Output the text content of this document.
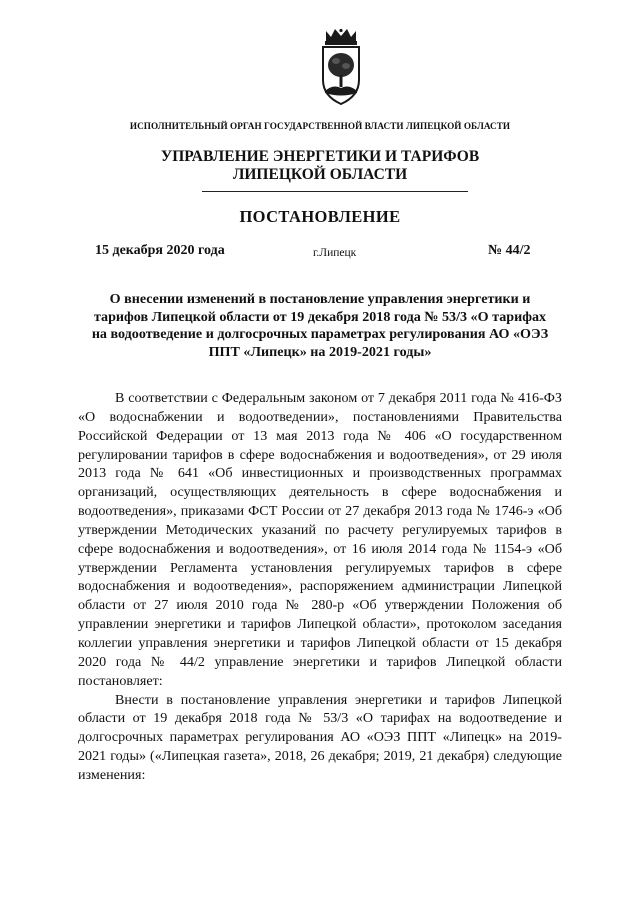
ИСПОЛНИТЕЛЬНЫЙ ОРГАН ГОСУДАРСТВЕННОЙ ВЛАСТИ ЛИПЕЦКОЙ ОБЛАСТИ
УПРАВЛЕНИЕ ЭНЕРГЕТИКИ И ТАРИФОВ
ЛИПЕЦКОЙ ОБЛАСТИ
ПОСТАНОВЛЕНИЕ
15 декабря 2020 года	г.Липецк	№ 44/2
О внесении изменений в постановление управления энергетики и тарифов Липецкой области от 19 декабря 2018 года № 53/3 «О тарифах на водоотведение и долгосрочных параметрах регулирования АО «ОЭЗ ППТ «Липецк» на 2019-2021 годы»

В соответствии с Федеральным законом от 7 декабря 2011 года № 416-ФЗ «О водоснабжении и водоотведении», постановлениями Правительства Российской Федерации от 13 мая 2013 года № 406 «О государственном регулировании тарифов в сфере водоснабжения и водоотведения», от 29 июля 2013 года № 641 «Об инвестиционных и производственных программах организаций, осуществляющих деятельность в сфере водоснабжения и водоотведения», приказами ФСТ России от 27 декабря 2013 года № 1746-э «Об утверждении Методических указаний по расчету регулируемых тарифов в сфере водоснабжения и водоотведения», от 16 июля 2014 года № 1154-э «Об утверждении Регламента установления регулируемых тарифов в сфере водоснабжения и водоотведения», распоряжением администрации Липецкой области от 27 июля 2010 года № 280-р «Об утверждении Положения об управлении энергетики и тарифов Липецкой области», протоколом заседания коллегии управления энергетики и тарифов Липецкой области от 15 декабря 2020 года № 44/2 управление энергетики и тарифов Липецкой области постановляет:

Внести в постановление управления энергетики и тарифов Липецкой области от 19 декабря 2018 года № 53/3 «О тарифах на водоотведение и долгосрочных параметрах регулирования АО «ОЭЗ ППТ «Липецк» на 2019-2021 годы» («Липецкая газета», 2018, 26 декабря; 2019, 21 декабря) следующие изменения:
